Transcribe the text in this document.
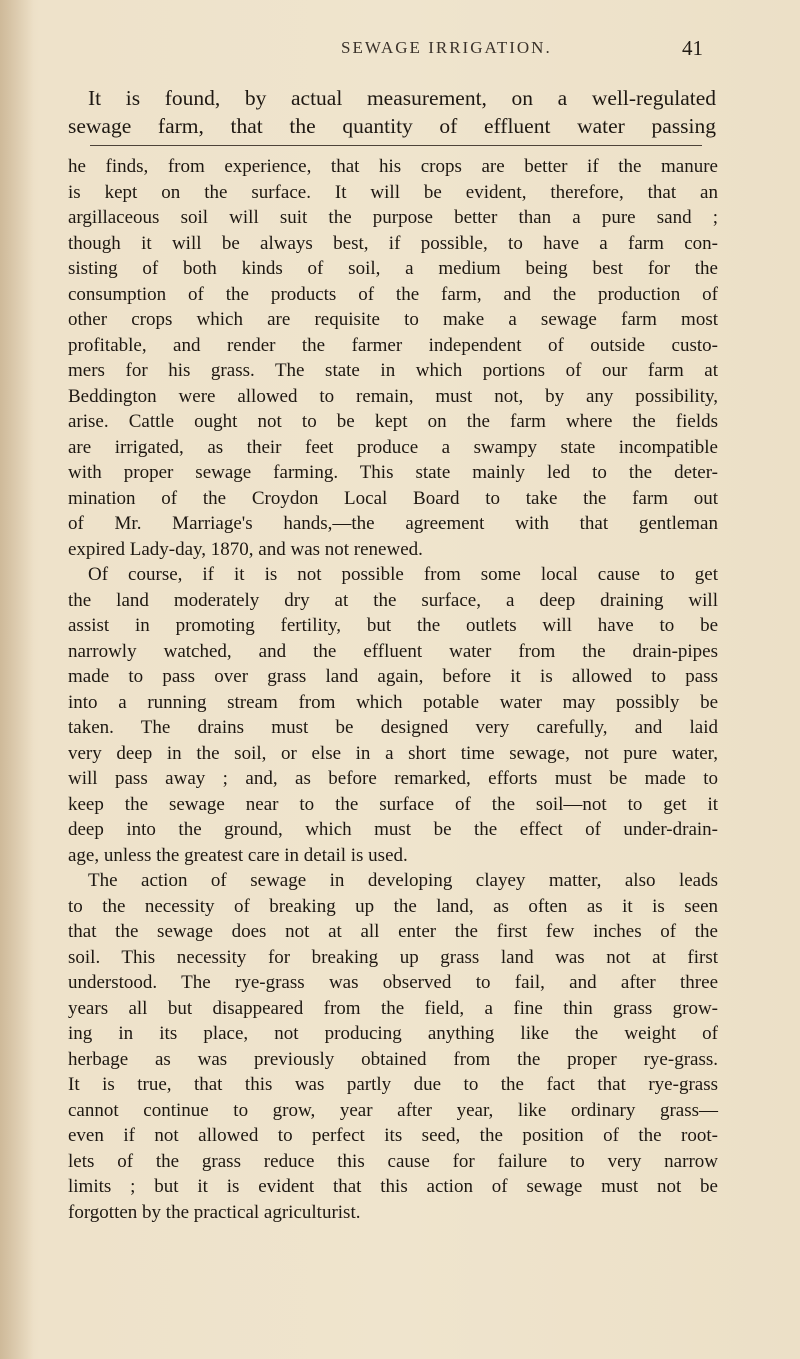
SEWAGE IRRIGATION.	41
It is found, by actual measurement, on a well-regulated
sewage farm, that the quantity of effluent water passing
he finds, from experience, that his crops are better if the manure
is kept on the surface. It will be evident, therefore, that an
argillaceous soil will suit the purpose better than a pure sand ;
though it will be always best, if possible, to have a farm con-
sisting of both kinds of soil, a medium being best for the
consumption of the products of the farm, and the production of
other crops which are requisite to make a sewage farm most
profitable, and render the farmer independent of outside custo-
mers for his grass. The state in which portions of our farm at
Beddington were allowed to remain, must not, by any possibility,
arise. Cattle ought not to be kept on the farm where the fields
are irrigated, as their feet produce a swampy state incompatible
with proper sewage farming. This state mainly led to the deter-
mination of the Croydon Local Board to take the farm out
of Mr. Marriage's hands,—the agreement with that gentleman
expired Lady-day, 1870, and was not renewed.
Of course, if it is not possible from some local cause to get
the land moderately dry at the surface, a deep draining will
assist in promoting fertility, but the outlets will have to be
narrowly watched, and the effluent water from the drain-pipes
made to pass over grass land again, before it is allowed to pass
into a running stream from which potable water may possibly be
taken. The drains must be designed very carefully, and laid
very deep in the soil, or else in a short time sewage, not pure water,
will pass away ; and, as before remarked, efforts must be made to
keep the sewage near to the surface of the soil—not to get it
deep into the ground, which must be the effect of under-drain-
age, unless the greatest care in detail is used.
The action of sewage in developing clayey matter, also leads
to the necessity of breaking up the land, as often as it is seen
that the sewage does not at all enter the first few inches of the
soil. This necessity for breaking up grass land was not at first
understood. The rye-grass was observed to fail, and after three
years all but disappeared from the field, a fine thin grass grow-
ing in its place, not producing anything like the weight of
herbage as was previously obtained from the proper rye-grass.
It is true, that this was partly due to the fact that rye-grass
cannot continue to grow, year after year, like ordinary grass—
even if not allowed to perfect its seed, the position of the root-
lets of the grass reduce this cause for failure to very narrow
limits ; but it is evident that this action of sewage must not be
forgotten by the practical agriculturist.
